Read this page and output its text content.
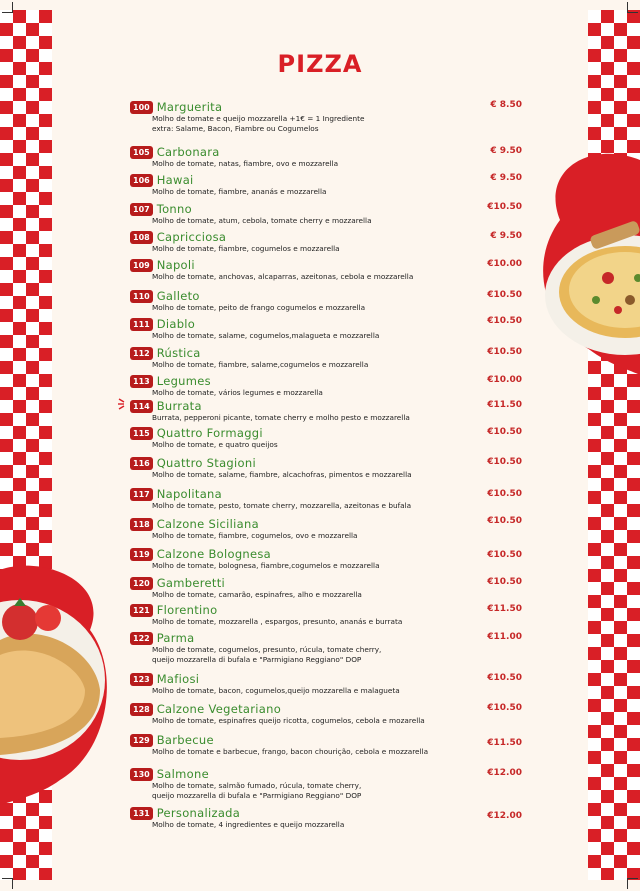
PIZZA
100 Marguerita	€ 8.50
Molho de tomate e queijo mozzarella +1€ = 1 Ingrediente
extra: Salame, Bacon, Fiambre ou Cogumelos
105 Carbonara	€ 9.50
Molho de tomate, natas, fiambre, ovo e mozzarella
106 Hawai	€ 9.50
Molho de tomate, fiambre, ananás e mozzarella
107 Tonno	€10.50
Molho de tomate, atum, cebola, tomate cherry e mozzarella
108 Capricciosa	€ 9.50
Molho de tomate, fiambre, cogumelos e mozzarella
109 Napoli	€10.00
Molho de tomate, anchovas, alcaparras, azeitonas, cebola e mozzarella
110 Galleto	€10.50
Molho de tomate, peito de frango cogumelos e mozzarella
111 Diablo	€10.50
Molho de tomate, salame, cogumelos,malagueta e mozzarella
112 Rústica	€10.50
Molho de tomate, fiambre, salame,cogumelos e mozzarella
113 Legumes	€10.00
Molho de tomate, vários legumes e mozzarella
114 Burrata	€11.50
Burrata, pepperoni picante, tomate cherry e molho pesto e mozzarella
115 Quattro Formaggi	€10.50
Molho de tomate, e quatro queijos
116 Quattro Stagioni	€10.50
Molho de tomate, salame, fiambre, alcachofras, pimentos e mozzarella
117 Napolitana	€10.50
Molho de tomate, pesto, tomate cherry, mozzarella, azeitonas e bufala
118 Calzone Siciliana	€10.50
Molho de tomate, fiambre, cogumelos, ovo e mozzarella
119 Calzone Bolognesa	€10.50
Molho de tomate, bolognesa, fiambre,cogumelos e mozzarella
120 Gamberetti	€10.50
Molho de tomate, camarão, espinafres, alho e mozzarella
121 Florentino	€11.50
Molho de tomate, mozzarella , espargos, presunto, ananás e burrata
122 Parma	€11.00
Molho de tomate, cogumelos, presunto, rúcula, tomate cherry,
queijo mozzarella di bufala e "Parmigiano Reggiano" DOP
123 Mafiosi	€10.50
Molho de tomate, bacon, cogumelos,queijo mozzarella e malagueta
128 Calzone Vegetariano	€10.50
Molho de tomate, espinafres queijo ricotta, cogumelos, cebola e mozarella
129 Barbecue	€11.50
Molho de tomate e barbecue, frango, bacon chourição, cebola e mozzarella
130 Salmone	€12.00
Molho de tomate, salmão fumado, rúcula, tomate cherry,
queijo mozzarella di bufala e "Parmigiano Reggiano" DOP
131 Personalizada	€12.00
Molho de tomate, 4 ingredientes e queijo mozzarella
